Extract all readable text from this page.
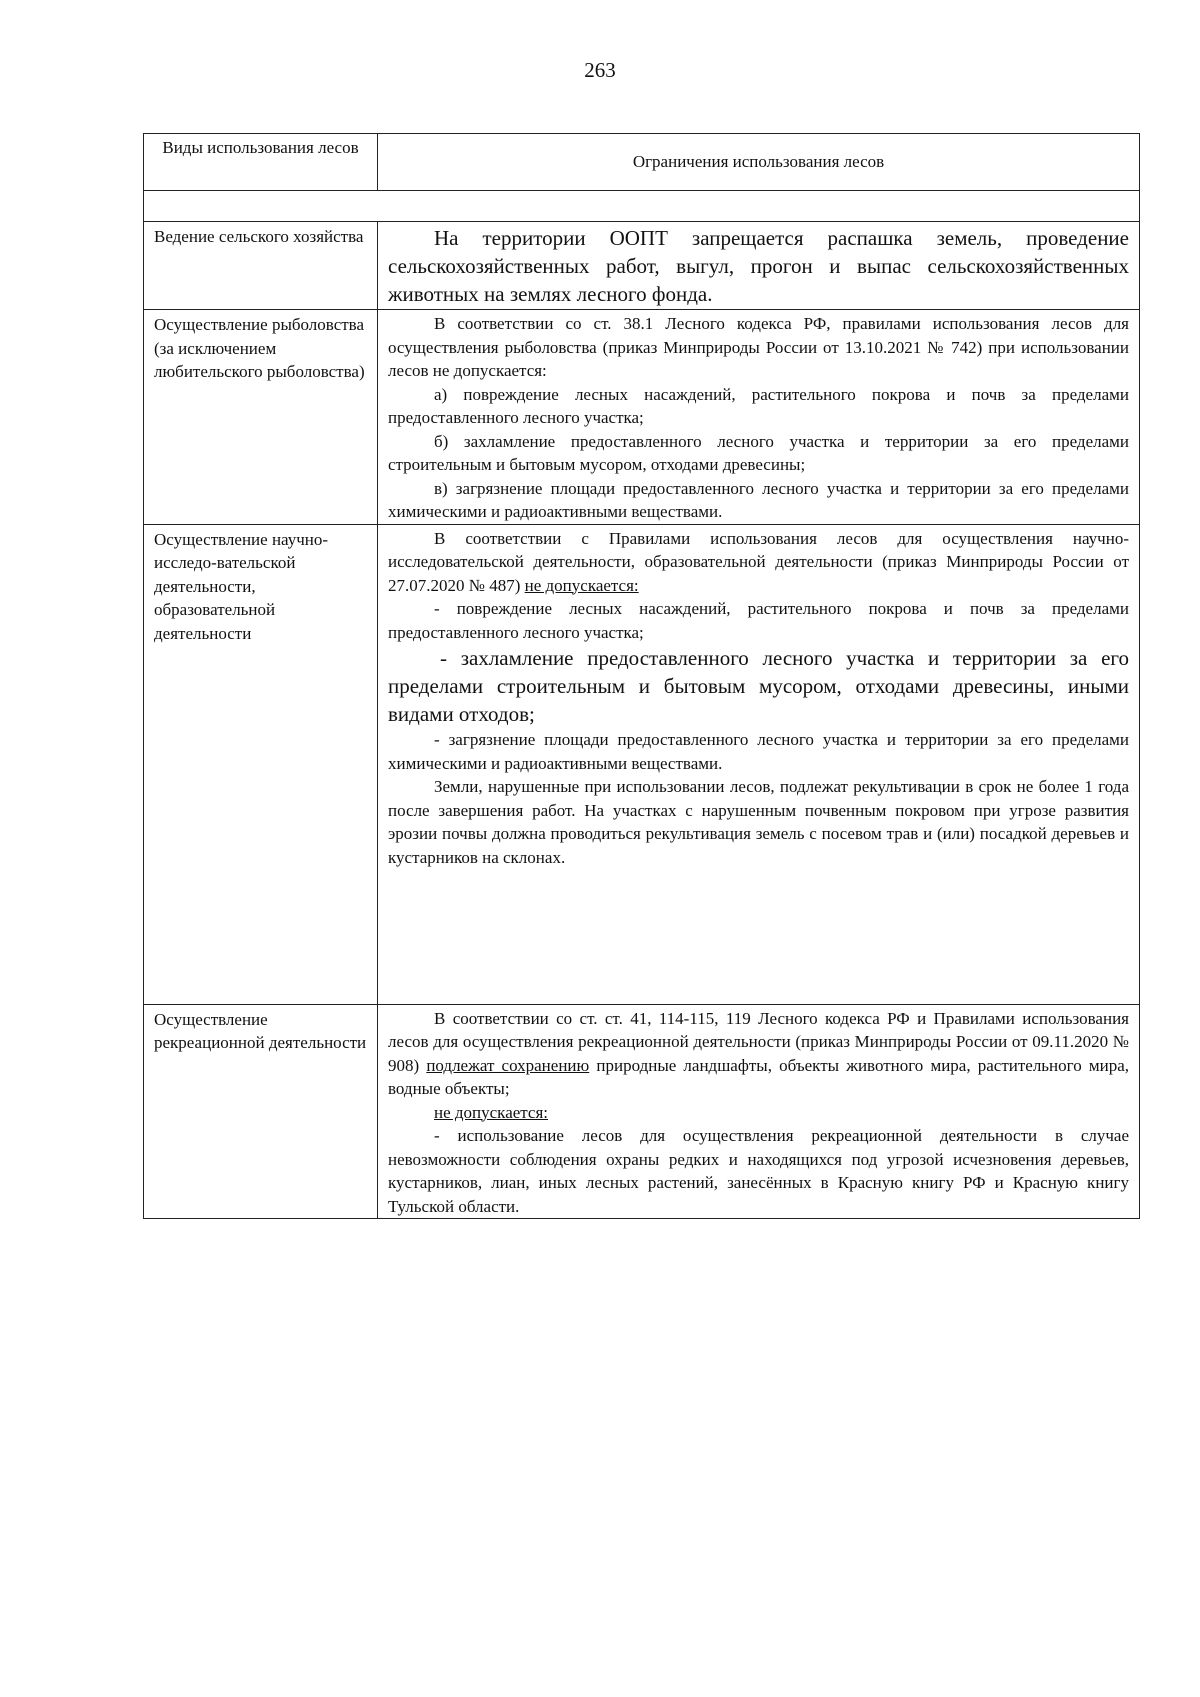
263
Виды использования лесов	Ограничения использования лесов

Ведение сельского хозяйства	На территории ООПТ запрещается распашка земель, проведение сельскохозяйственных работ, выгул, прогон и выпас сельскохозяйственных животных на землях лесного фонда.

Осуществление рыболовства (за исключением любительского рыболовства)	В соответствии со ст. 38.1 Лесного кодекса РФ, правилами использования лесов для осуществления рыболовства (приказ Минприроды России от 13.10.2021 № 742) при использовании лесов не допускается:

а) повреждение лесных насаждений, растительного покрова и почв за пределами предоставленного лесного участка;

б) захламление предоставленного лесного участка и территории за его пределами строительным и бытовым мусором, отходами древесины;

в) загрязнение площади предоставленного лесного участка и территории за его пределами химическими и радиоактивными веществами.

Осуществление научно-исследо-вательской деятельности, образовательной деятельности	В соответствии с Правилами использования лесов для осуществления научно-исследовательской деятельности, образовательной деятельности (приказ Минприроды России от 27.07.2020 № 487) не допускается:

- повреждение лесных насаждений, растительного покрова и почв за пределами предоставленного лесного участка;

- захламление предоставленного лесного участка и территории за его пределами строительным и бытовым мусором, отходами древесины, иными видами отходов;

- загрязнение площади предоставленного лесного участка и территории за его пределами химическими и радиоактивными веществами.

Земли, нарушенные при использовании лесов, подлежат рекультивации в срок не более 1 года после завершения работ. На участках с нарушенным почвенным покровом при угрозе развития эрозии почвы должна проводиться рекультивация земель с посевом трав и (или) посадкой деревьев и кустарников на склонах.

Осуществление рекреационной деятельности	В соответствии со ст. ст. 41, 114-115, 119 Лесного кодекса РФ и Правилами использования лесов для осуществления рекреационной деятельности (приказ Минприроды России от 09.11.2020 № 908) подлежат сохранению природные ландшафты, объекты животного мира, растительного мира, водные объекты;

не допускается:

- использование лесов для осуществления рекреационной деятельности в случае невозможности соблюдения охраны редких и находящихся под угрозой исчезновения деревьев, кустарников, лиан, иных лесных растений, занесённых в Красную книгу РФ и Красную книгу Тульской области.
